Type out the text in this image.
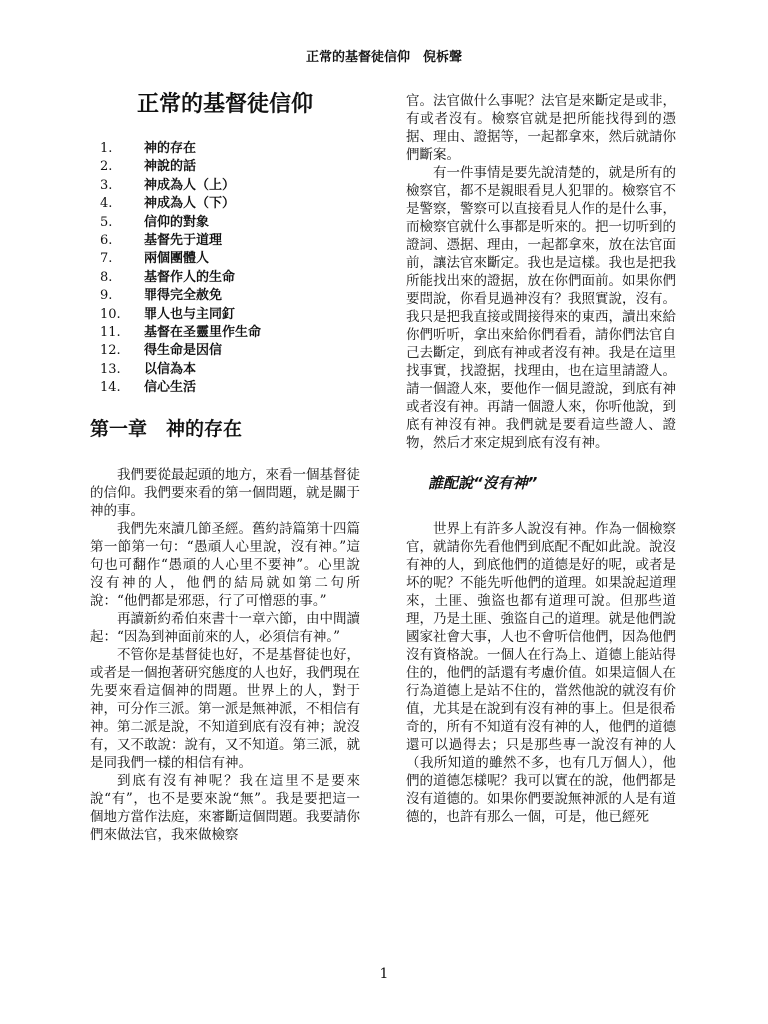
正常的基督徒信仰　倪柝聲
正常的基督徒信仰
1.	神的存在
2.	神說的話
3.	神成為人（上）
4.	神成為人（下）
5.	信仰的對象
6.	基督先于道理
7.	兩個團體人
8.	基督作人的生命
9.	罪得完全赦免
10.	罪人也与主同釘
11.	基督在圣靈里作生命
12.	得生命是因信
13.	以信為本
14.	信心生活
第一章　神的存在

我們要從最起頭的地方，來看一個基督徒的信仰。我們要來看的第一個問題，就是關于神的事。

我們先來讀几節圣經。舊約詩篇第十四篇第一節第一句：“愚頑人心里說，沒有神。”這句也可翻作“愚頑的人心里不要神”。心里說沒有神的人，他們的結局就如第二句所說：“他們都是邪惡，行了可憎惡的事。”

再讀新約希伯來書十一章六節，由中間讀起：“因為到神面前來的人，必須信有神。”

不管你是基督徒也好，不是基督徒也好，或者是一個抱著研究態度的人也好，我們現在先要來看這個神的問題。世界上的人，對于神，可分作三派。第一派是無神派，不相信有神。第二派是說，不知道到底有沒有神；說沒有，又不敢說：說有，又不知道。第三派，就是同我們一樣的相信有神。

到底有沒有神呢？我在這里不是要來說“有”，也不是要來說“無”。我是要把這一個地方當作法庭，來審斷這個問題。我要請你們來做法官，我來做檢察

官。法官做什么事呢？法官是來斷定是或非，有或者沒有。檢察官就是把所能找得到的憑据、理由、證据等，一起都拿來，然后就請你們斷案。

有一件事情是要先說清楚的，就是所有的檢察官，都不是親眼看見人犯罪的。檢察官不是警察，警察可以直接看見人作的是什么事，而檢察官就什么事都是听來的。把一切听到的證詞、憑据、理由，一起都拿來，放在法官面前，讓法官來斷定。我也是這樣。我也是把我所能找出來的證据，放在你們面前。如果你們要問說，你看見過神沒有？我照實說，沒有。我只是把我直接或間接得來的東西，讀出來給你們听听，拿出來給你們看看，請你們法官自己去斷定，到底有神或者沒有神。我是在這里找事實，找證据，找理由，也在這里請證人。請一個證人來，要他作一個見證說，到底有神或者沒有神。再請一個證人來，你听他說，到底有神沒有神。我們就是要看這些證人、證物，然后才來定規到底有沒有神。

誰配說“沒有神”

世界上有許多人說沒有神。作為一個檢察官，就請你先看他們到底配不配如此說。說沒有神的人，到底他們的道德是好的呢，或者是坏的呢？不能先听他們的道理。如果說起道理來，土匪、強盜也都有道理可說。但那些道理，乃是土匪、強盜自己的道理。就是他們說國家社會大事，人也不會听信他們，因為他們沒有資格說。一個人在行為上、道德上能站得住的，他們的話還有考慮价值。如果這個人在行為道德上是站不住的，當然他說的就沒有价值，尤其是在說到有沒有神的事上。但是很希奇的，所有不知道有沒有神的人，他們的道德還可以過得去；只是那些專一說沒有神的人（我所知道的雖然不多，也有几万個人），他們的道德怎樣呢？我可以實在的說，他們都是沒有道德的。如果你們要說無神派的人是有道德的，也許有那么一個，可是，他已經死

1
